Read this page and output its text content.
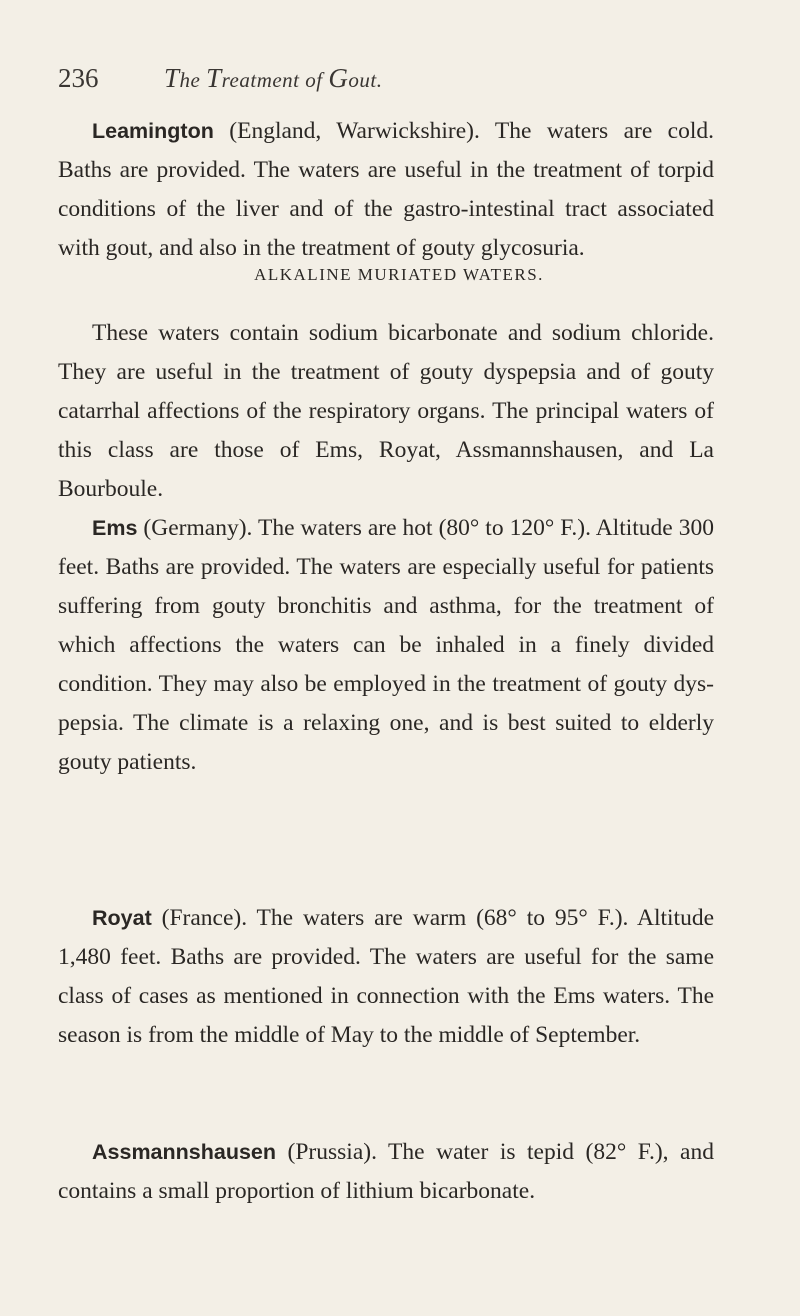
236 The Treatment of Gout.

Leamington (England, Warwickshire). The waters are cold. Baths are provided. The waters are useful in the treatment of torpid conditions of the liver and of the gastro-intestinal tract associated with gout, and also in the treatment of gouty glycosuria.

ALKALINE MURIATED WATERS.

These waters contain sodium bicarbonate and sodium chloride. They are useful in the treatment of gouty dyspepsia and of gouty catarrhal affections of the respiratory organs. The principal waters of this class are those of Ems, Royat, Assmannshausen, and La Bourboule.

Ems (Germany). The waters are hot (80° to 120° F.). Altitude 300 feet. Baths are provided. The waters are especially useful for patients suffering from gouty bronchitis and asthma, for the treatment of which affections the waters can be inhaled in a finely divided condition. They may also be employed in the treatment of gouty dyspepsia. The climate is a relaxing one, and is best suited to elderly gouty patients.

Royat (France). The waters are warm (68° to 95° F.). Altitude 1,480 feet. Baths are provided. The waters are useful for the same class of cases as mentioned in connection with the Ems waters. The season is from the middle of May to the middle of September.

Assmannshausen (Prussia). The water is tepid (82° F.), and contains a small proportion of lithium bicarbonate.
